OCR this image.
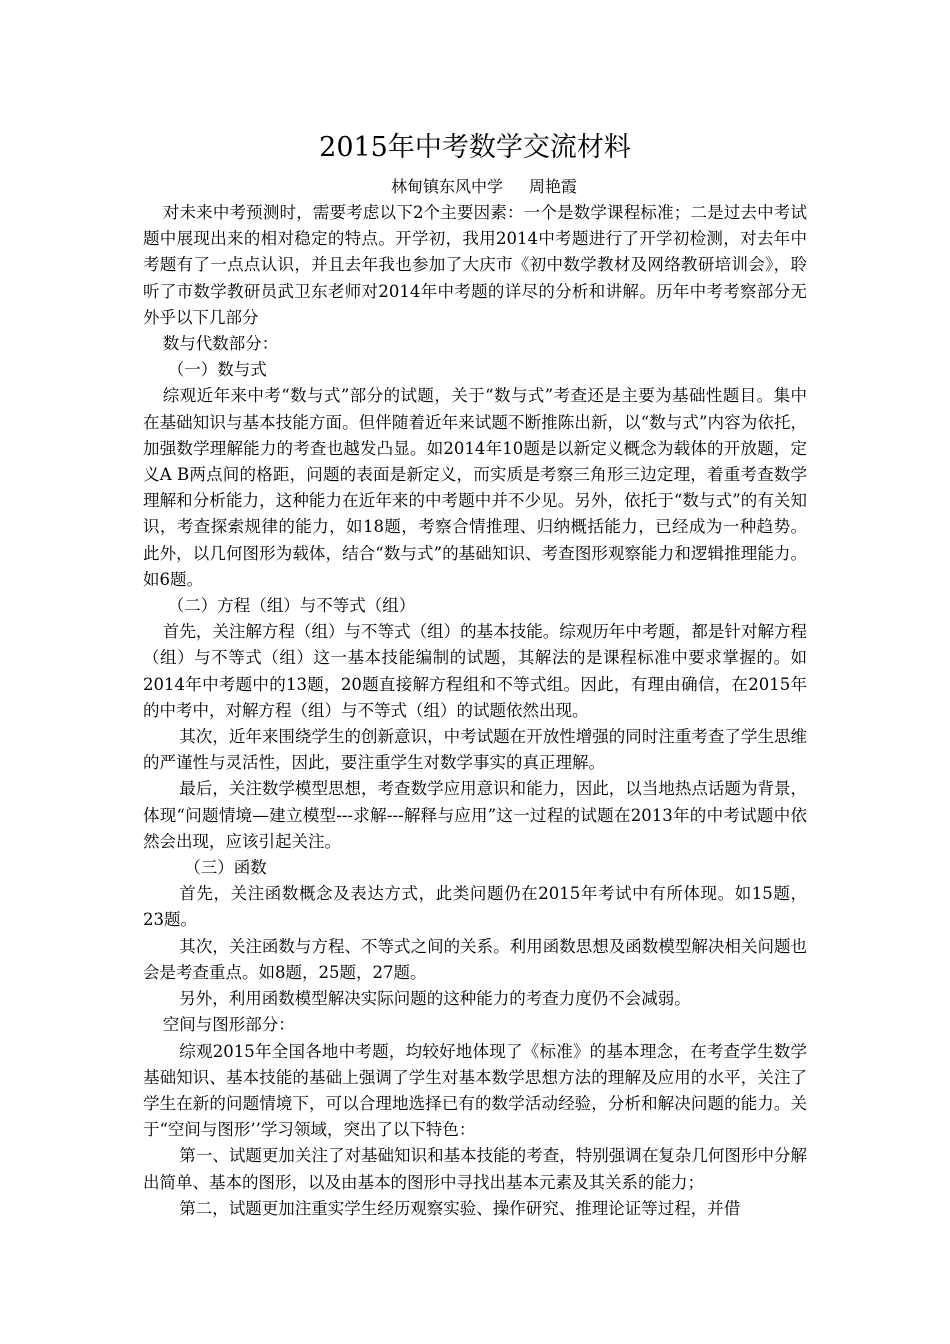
2015年中考数学交流材料
林甸镇东风中学 周艳霞

对未来中考预测时，需要考虑以下2个主要因素：一个是数学课程标准；二是过去中考试题中展现出来的相对稳定的特点。开学初，我用2014中考题进行了开学初检测，对去年中考题有了一点点认识，并且去年我也参加了大庆市《初中数学教材及网络教研培训会》，聆听了市数学教研员武卫东老师对2014年中考题的详尽的分析和讲解。历年中考考察部分无外乎以下几部分

数与代数部分：

（一）数与式

综观近年来中考“数与式”部分的试题，关于“数与式”考查还是主要为基础性题目。集中在基础知识与基本技能方面。但伴随着近年来试题不断推陈出新，以“数与式”内容为依托，加强数学理解能力的考查也越发凸显。如2014年10题是以新定义概念为载体的开放题，定义A B两点间的格距，问题的表面是新定义，而实质是考察三角形三边定理，着重考查数学理解和分析能力，这种能力在近年来的中考题中并不少见。另外，依托于“数与式”的有关知识，考查探索规律的能力，如18题，考察合情推理、归纳概括能力，已经成为一种趋势。此外，以几何图形为载体，结合“数与式”的基础知识、考查图形观察能力和逻辑推理能力。如6题。

（二）方程（组）与不等式（组）

首先，关注解方程（组）与不等式（组）的基本技能。综观历年中考题，都是针对解方程（组）与不等式（组）这一基本技能编制的试题，其解法的是课程标准中要求掌握的。如2014年中考题中的13题，20题直接解方程组和不等式组。因此，有理由确信，在2015年的中考中，对解方程（组）与不等式（组）的试题依然出现。

其次，近年来围绕学生的创新意识，中考试题在开放性增强的同时注重考查了学生思维的严谨性与灵活性，因此，要注重学生对数学事实的真正理解。

最后，关注数学模型思想，考查数学应用意识和能力，因此，以当地热点话题为背景，体现“问题情境—建立模型---求解---解释与应用”这一过程的试题在2013年的中考试题中依然会出现，应该引起关注。

（三）函数

首先，关注函数概念及表达方式，此类问题仍在2015年考试中有所体现。如15题，23题。

其次，关注函数与方程、不等式之间的关系。利用函数思想及函数模型解决相关问题也会是考查重点。如8题，25题，27题。

另外，利用函数模型解决实际问题的这种能力的考查力度仍不会减弱。

空间与图形部分：

综观2015年全国各地中考题，均较好地体现了《标准》的基本理念，在考查学生数学基础知识、基本技能的基础上强调了学生对基本数学思想方法的理解及应用的水平，关注了学生在新的问题情境下，可以合理地选择已有的数学活动经验，分析和解决问题的能力。关于“空间与图形’’学习领域，突出了以下特色：

第一、试题更加关注了对基础知识和基本技能的考查，特别强调在复杂几何图形中分解出简单、基本的图形，以及由基本的图形中寻找出基本元素及其关系的能力；

第二，试题更加注重实学生经历观察实验、操作研究、推理论证等过程，并借
